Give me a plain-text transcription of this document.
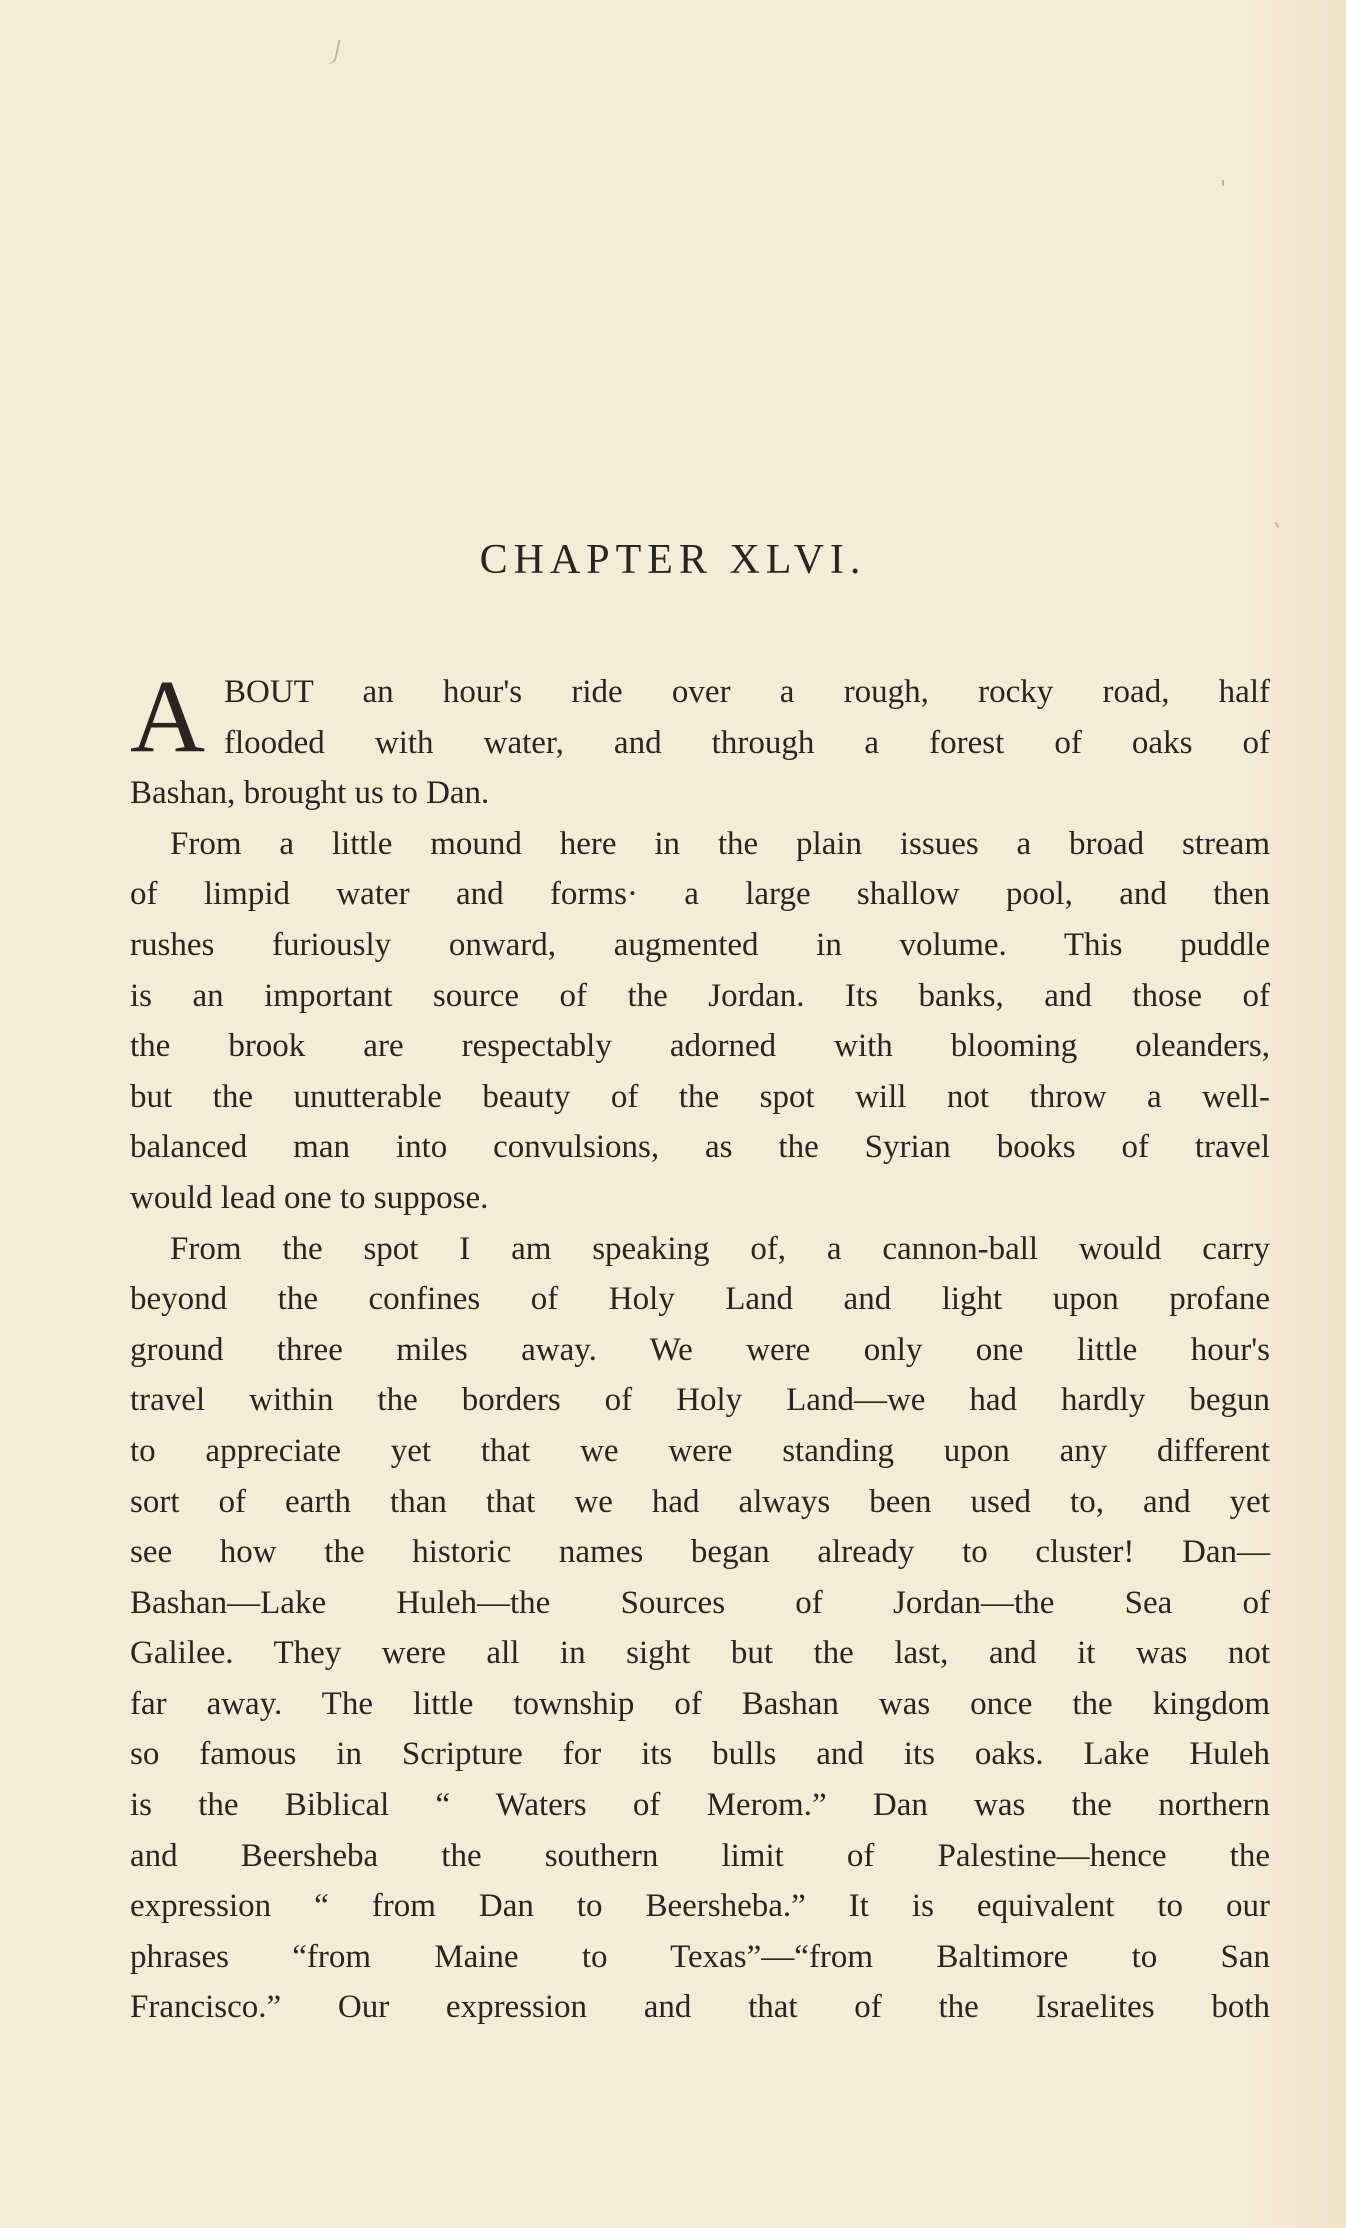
CHAPTER XLVI.
A BOUT an hour's ride over a rough, rocky road, half
flooded with water, and through a forest of oaks of
Bashan, brought us to Dan.
From a little mound here in the plain issues a broad stream
of limpid water and forms· a large shallow pool, and then
rushes furiously onward, augmented in volume. This puddle
is an important source of the Jordan. Its banks, and those of
the brook are respectably adorned with blooming oleanders,
but the unutterable beauty of the spot will not throw a well-
balanced man into convulsions, as the Syrian books of travel
would lead one to suppose.
From the spot I am speaking of, a cannon-ball would carry
beyond the confines of Holy Land and light upon profane
ground three miles away. We were only one little hour's
travel within the borders of Holy Land—we had hardly begun
to appreciate yet that we were standing upon any different
sort of earth than that we had always been used to, and yet
see how the historic names began already to cluster! Dan—
Bashan—Lake Huleh—the Sources of Jordan—the Sea of
Galilee. They were all in sight but the last, and it was not
far away. The little township of Bashan was once the kingdom
so famous in Scripture for its bulls and its oaks. Lake Huleh
is the Biblical “ Waters of Merom.” Dan was the northern
and Beersheba the southern limit of Palestine—hence the
expression “ from Dan to Beersheba.” It is equivalent to our
phrases “from Maine to Texas”—“from Baltimore to San
Francisco.” Our expression and that of the Israelites both
